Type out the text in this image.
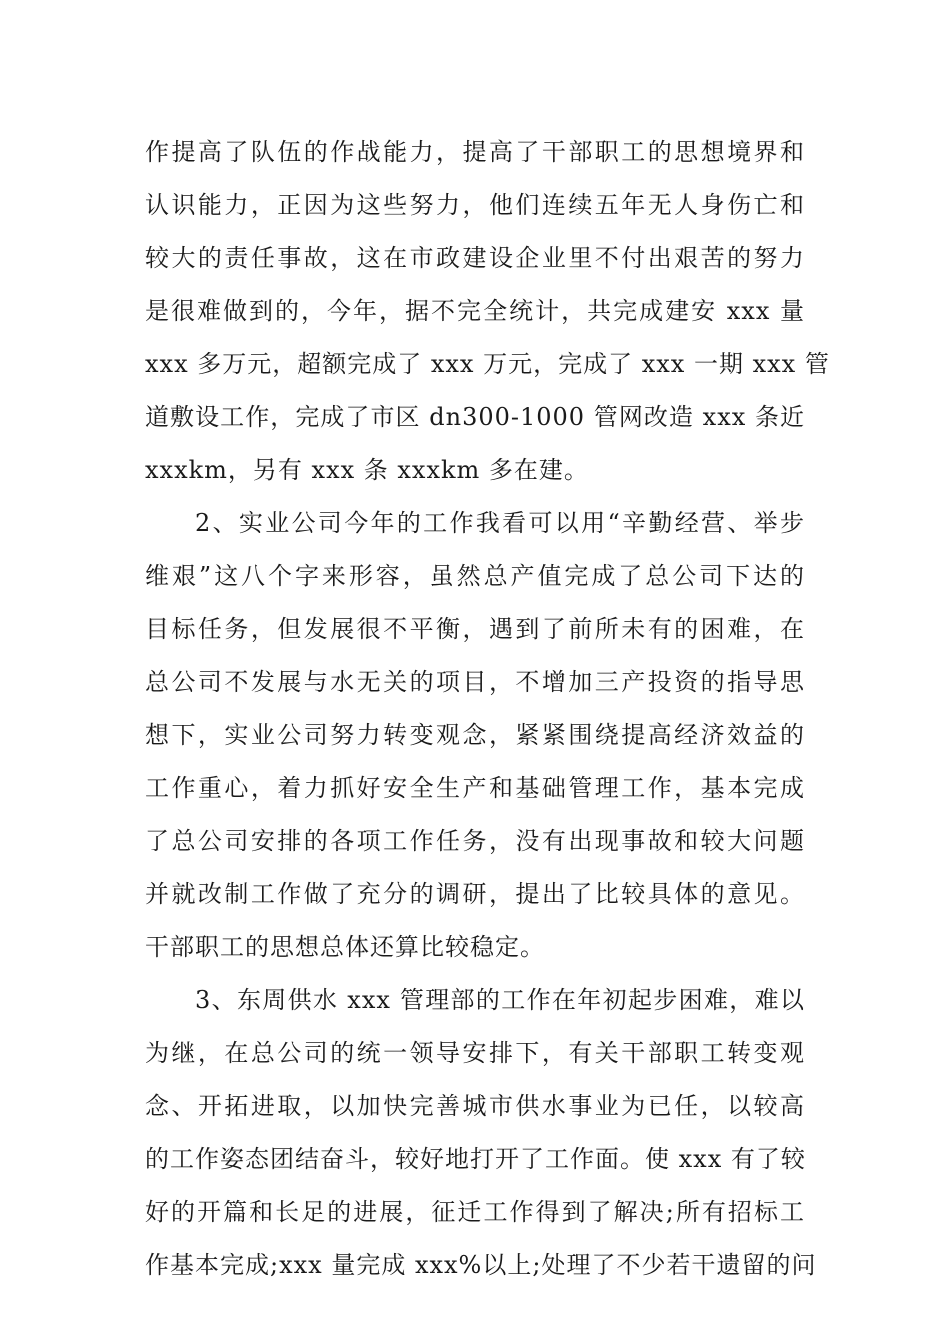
作提高了队伍的作战能力，提高了干部职工的思想境界和
认识能力，正因为这些努力，他们连续五年无人身伤亡和
较大的责任事故，这在市政建设企业里不付出艰苦的努力
是很难做到的，今年，据不完全统计，共完成建安 xxx 量
xxx 多万元，超额完成了 xxx 万元，完成了 xxx 一期 xxx 管
道敷设工作，完成了市区 dn300-1000 管网改造 xxx 条近
xxxkm，另有 xxx 条 xxxkm 多在建。
2、实业公司今年的工作我看可以用“辛勤经营、举步
维艰”这八个字来形容，虽然总产值完成了总公司下达的
目标任务，但发展很不平衡，遇到了前所未有的困难，在
总公司不发展与水无关的项目，不增加三产投资的指导思
想下，实业公司努力转变观念，紧紧围绕提高经济效益的
工作重心，着力抓好安全生产和基础管理工作，基本完成
了总公司安排的各项工作任务，没有出现事故和较大问题
并就改制工作做了充分的调研，提出了比较具体的意见。
干部职工的思想总体还算比较稳定。
3、东周供水 xxx 管理部的工作在年初起步困难，难以
为继，在总公司的统一领导安排下，有关干部职工转变观
念、开拓进取，以加快完善城市供水事业为已任，以较高
的工作姿态团结奋斗，较好地打开了工作面。使 xxx 有了较
好的开篇和长足的进展，征迁工作得到了解决;所有招标工
作基本完成;xxx 量完成 xxx%以上;处理了不少若干遗留的问
